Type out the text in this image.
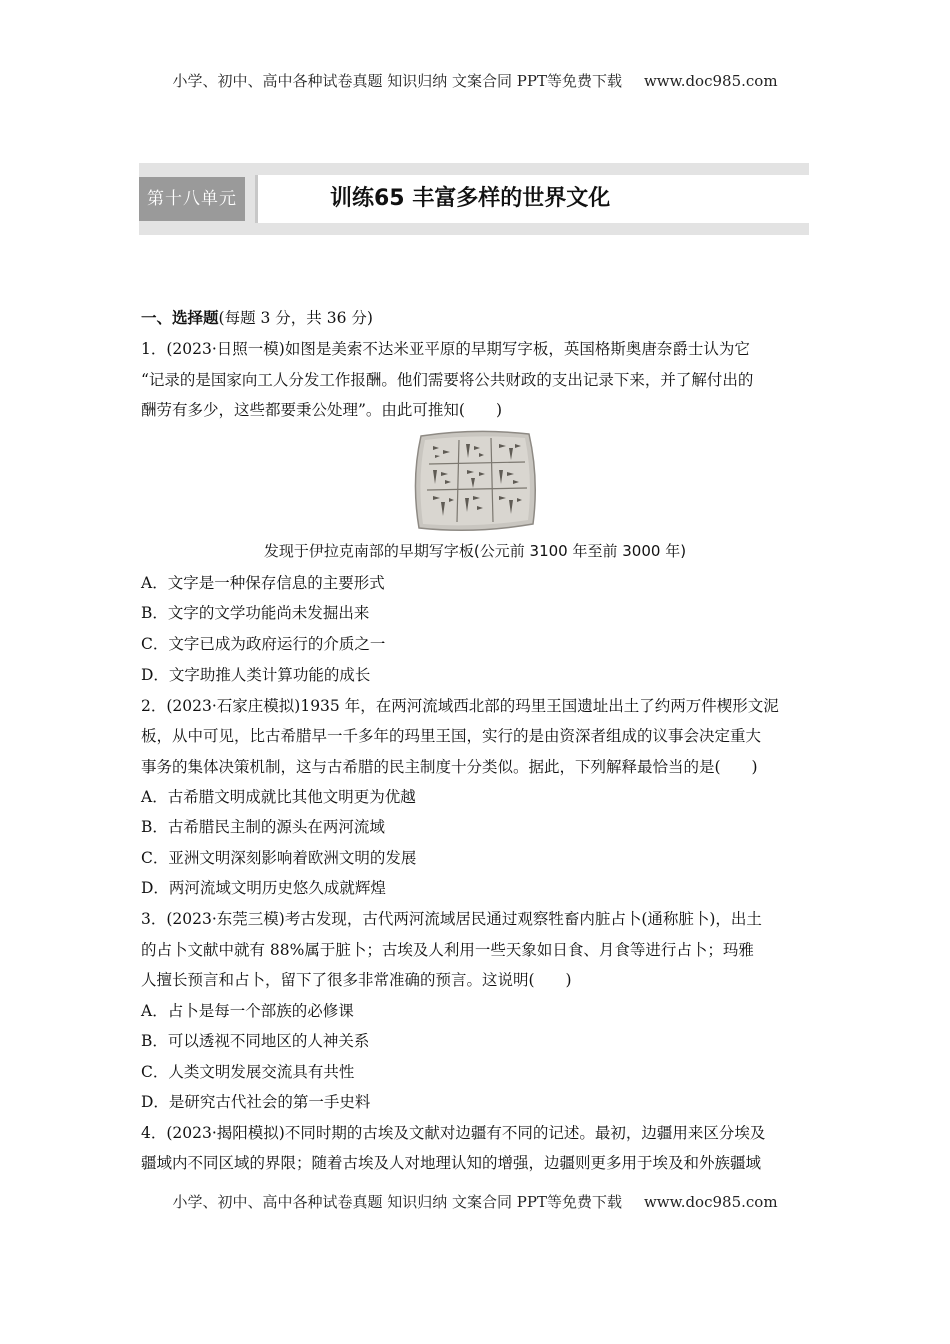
小学、初中、高中各种试卷真题 知识归纳 文案合同 PPT等免费下载 www.doc985.com
第十八单元	训练65 丰富多样的世界文化
一、选择题(每题 3 分，共 36 分)
1．(2023·日照一模)如图是美索不达米亚平原的早期写字板，英国格斯奥唐奈爵士认为它
“记录的是国家向工人分发工作报酬。他们需要将公共财政的支出记录下来，并了解付出的
酬劳有多少，这些都要秉公处理”。由此可推知(　　)
发现于伊拉克南部的早期写字板(公元前 3100 年至前 3000 年)
A．文字是一种保存信息的主要形式
B．文字的文学功能尚未发掘出来
C．文字已成为政府运行的介质之一
D．文字助推人类计算功能的成长
2．(2023·石家庄模拟)1935 年，在两河流域西北部的玛里王国遗址出土了约两万件楔形文泥
板，从中可见，比古希腊早一千多年的玛里王国，实行的是由资深者组成的议事会决定重大
事务的集体决策机制，这与古希腊的民主制度十分类似。据此，下列解释最恰当的是(　　)
A．古希腊文明成就比其他文明更为优越
B．古希腊民主制的源头在两河流域
C．亚洲文明深刻影响着欧洲文明的发展
D．两河流域文明历史悠久成就辉煌
3．(2023·东莞三模)考古发现，古代两河流域居民通过观察牲畜内脏占卜(通称脏卜)，出土
的占卜文献中就有 88%属于脏卜；古埃及人利用一些天象如日食、月食等进行占卜；玛雅
人擅长预言和占卜，留下了很多非常准确的预言。这说明(　　)
A．占卜是每一个部族的必修课
B．可以透视不同地区的人神关系
C．人类文明发展交流具有共性
D．是研究古代社会的第一手史料
4．(2023·揭阳模拟)不同时期的古埃及文献对边疆有不同的记述。最初，边疆用来区分埃及
疆域内不同区域的界限；随着古埃及人对地理认知的增强，边疆则更多用于埃及和外族疆域
小学、初中、高中各种试卷真题 知识归纳 文案合同 PPT等免费下载 www.doc985.com
